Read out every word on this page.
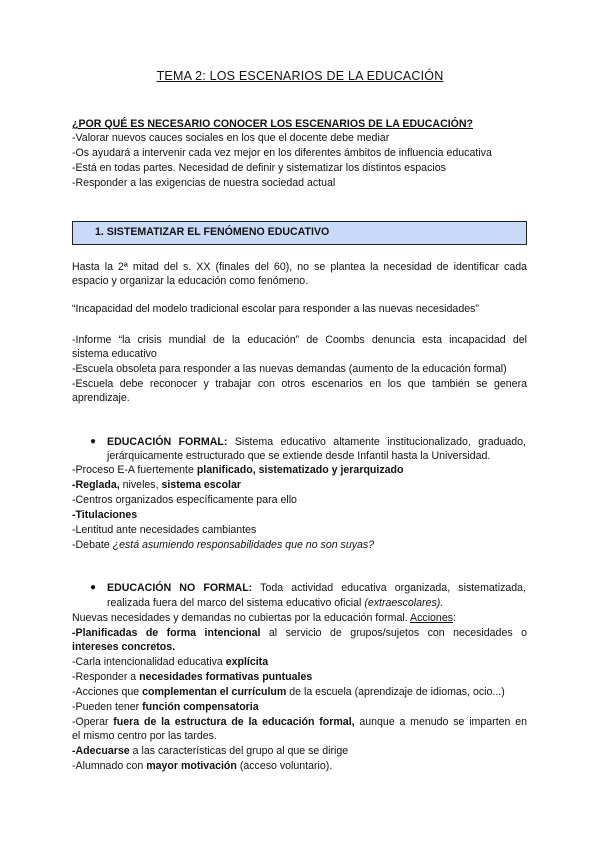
TEMA 2: LOS ESCENARIOS DE LA EDUCACIÓN
¿POR QUÉ ES NECESARIO CONOCER LOS ESCENARIOS DE LA EDUCACIÓN?
-Valorar nuevos cauces sociales en los que el docente debe mediar
-Os ayudará a intervenir cada vez mejor en los diferentes ámbitos de influencia educativa
-Está en todas partes. Necesidad de definir y sistematizar los distintos espacios
-Responder a las exigencias de nuestra sociedad actual
1. SISTEMATIZAR EL FENÓMENO EDUCATIVO
Hasta la 2ª mitad del s. XX (finales del 60), no se plantea la necesidad de identificar cada
espacio y organizar la educación como fenómeno.
“Incapacidad del modelo tradicional escolar para responder a las nuevas necesidades”
-Informe “la crisis mundial de la educación” de Coombs denuncia esta incapacidad del
sistema educativo
-Escuela obsoleta para responder a las nuevas demandas (aumento de la educación formal)
-Escuela debe reconocer y trabajar con otros escenarios en los que también se genera
aprendizaje.
● EDUCACIÓN FORMAL: Sistema educativo altamente institucionalizado, graduado,
jerárquicamente estructurado que se extiende desde Infantil hasta la Universidad.
-Proceso E-A fuertemente planificado, sistematizado y jerarquizado
-Reglada, niveles, sistema escolar
-Centros organizados específicamente para ello
-Titulaciones
-Lentitud ante necesidades cambiantes
-Debate ¿está asumiendo responsabilidades que no son suyas?
● EDUCACIÓN NO FORMAL: Toda actividad educativa organizada, sistematizada,
realizada fuera del marco del sistema educativo oficial (extraescolares).
Nuevas necesidades y demandas no cubiertas por la educación formal. Acciones:
-Planificadas de forma intencional al servicio de grupos/sujetos con necesidades o
intereses concretos.
-Carla intencionalidad educativa explícita
-Responder a necesidades formativas puntuales
-Acciones que complementan el currículum de la escuela (aprendizaje de idiomas, ocio...)
-Pueden tener función compensatoria
-Operar fuera de la estructura de la educación formal, aunque a menudo se imparten en
el mismo centro por las tardes.
-Adecuarse a las características del grupo al que se dirige
-Alumnado con mayor motivación (acceso voluntario).
